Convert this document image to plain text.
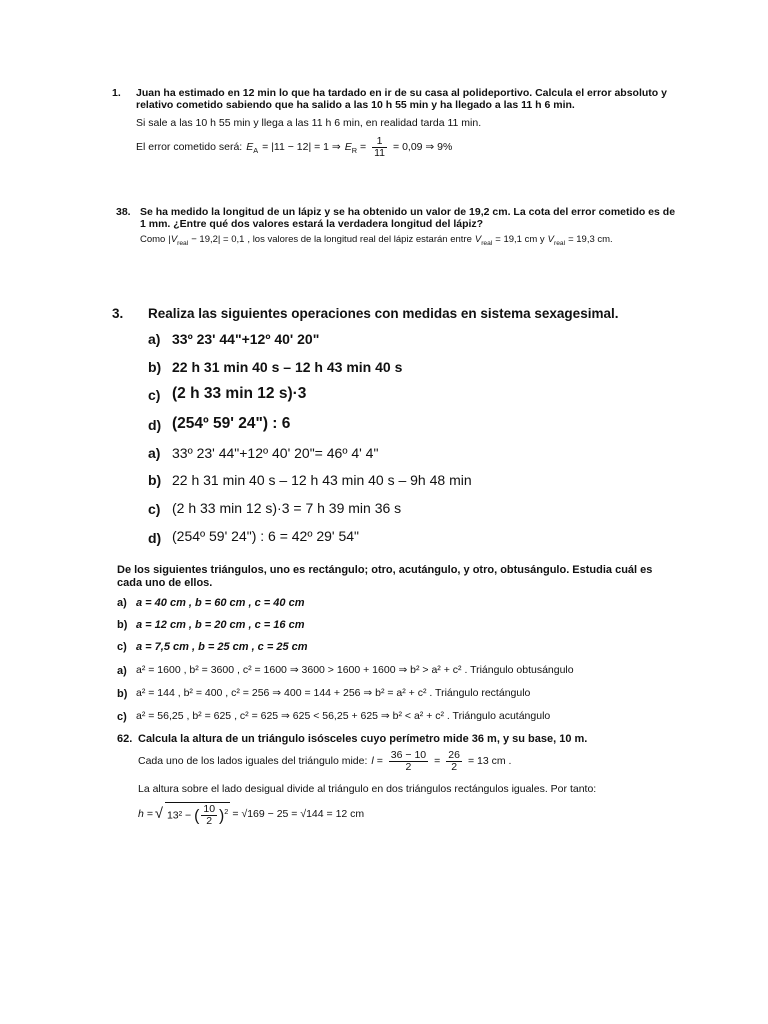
1. Juan ha estimado en 12 min lo que ha tardado en ir de su casa al polideportivo. Calcula el error absoluto y
relativo cometido sabiendo que ha salido a las 10 h 55 min y ha llegado a las 11 h 6 min.
Si sale a las 10 h 55 min y llega a las 11 h 6 min, en realidad tarda 11 min.
El error cometido será: $E_A = |11 - 12| = 1$ ⇒ $E_R = \frac{1}{11} = 0,09$ ⇒ 9%
38. Se ha medido la longitud de un lápiz y se ha obtenido un valor de 19,2 cm. La cota del error cometido es de
1 mm. ¿Entre qué dos valores estará la verdadera longitud del lápiz?
Como $|V_{real} - 19,2| = 0,1$ , los valores de la longitud real del lápiz estarán entre $V_{real} = 19,1$ cm y $V_{real} = 19,3$ cm.
3. Realiza las siguientes operaciones con medidas en sistema sexagesimal.
a) 33º 23' 44"+12º 40' 20"
b) 22 h 31 min 40 s – 12 h 43 min 40 s
c) (2 h 33 min 12 s)·3
d) (254º 59' 24") : 6
a) 33º 23' 44"+12º 40' 20"= 46º 4' 4"
b) 22 h 31 min 40 s – 12 h 43 min 40 s – 9h 48 min
c) (2 h 33 min 12 s)·3 = 7 h 39 min 36 s
d) (254º 59' 24") : 6 = 42º 29' 54"
De los siguientes triángulos, uno es rectángulo; otro, acutángulo, y otro, obtusángulo. Estudia cuál es
cada uno de ellos.
a) a = 40 cm , b = 60 cm , c = 40 cm
b) a = 12 cm , b = 20 cm , c = 16 cm
c) a = 7,5 cm , b = 25 cm , c = 25 cm
a) a² = 1600 , b² = 3600 , c² = 1600 ⇒ 3600 > 1600 + 1600 ⇒ b² > a² + c² . Triángulo obtusángulo
b) a² = 144 , b² = 400 , c² = 256 ⇒ 400 = 144 + 256 ⇒ b² = a² + c² . Triángulo rectángulo
c) a² = 56,25 , b² = 625 , c² = 625 ⇒ 625 < 56,25 + 625 ⇒ b² < a² + c² . Triángulo acutángulo
62. Calcula la altura de un triángulo isósceles cuyo perímetro mide 36 m, y su base, 10 m.
Cada uno de los lados iguales del triángulo mide: $l = \frac{36 - 10}{2} = \frac{26}{2} = 13$ cm .
La altura sobre el lado desigual divide al triángulo en dos triángulos rectángulos iguales. Por tanto:
h = √ 13² − ( $\frac{10}{2} )^2 = √169 - 25 = √144 = 12$ cm
